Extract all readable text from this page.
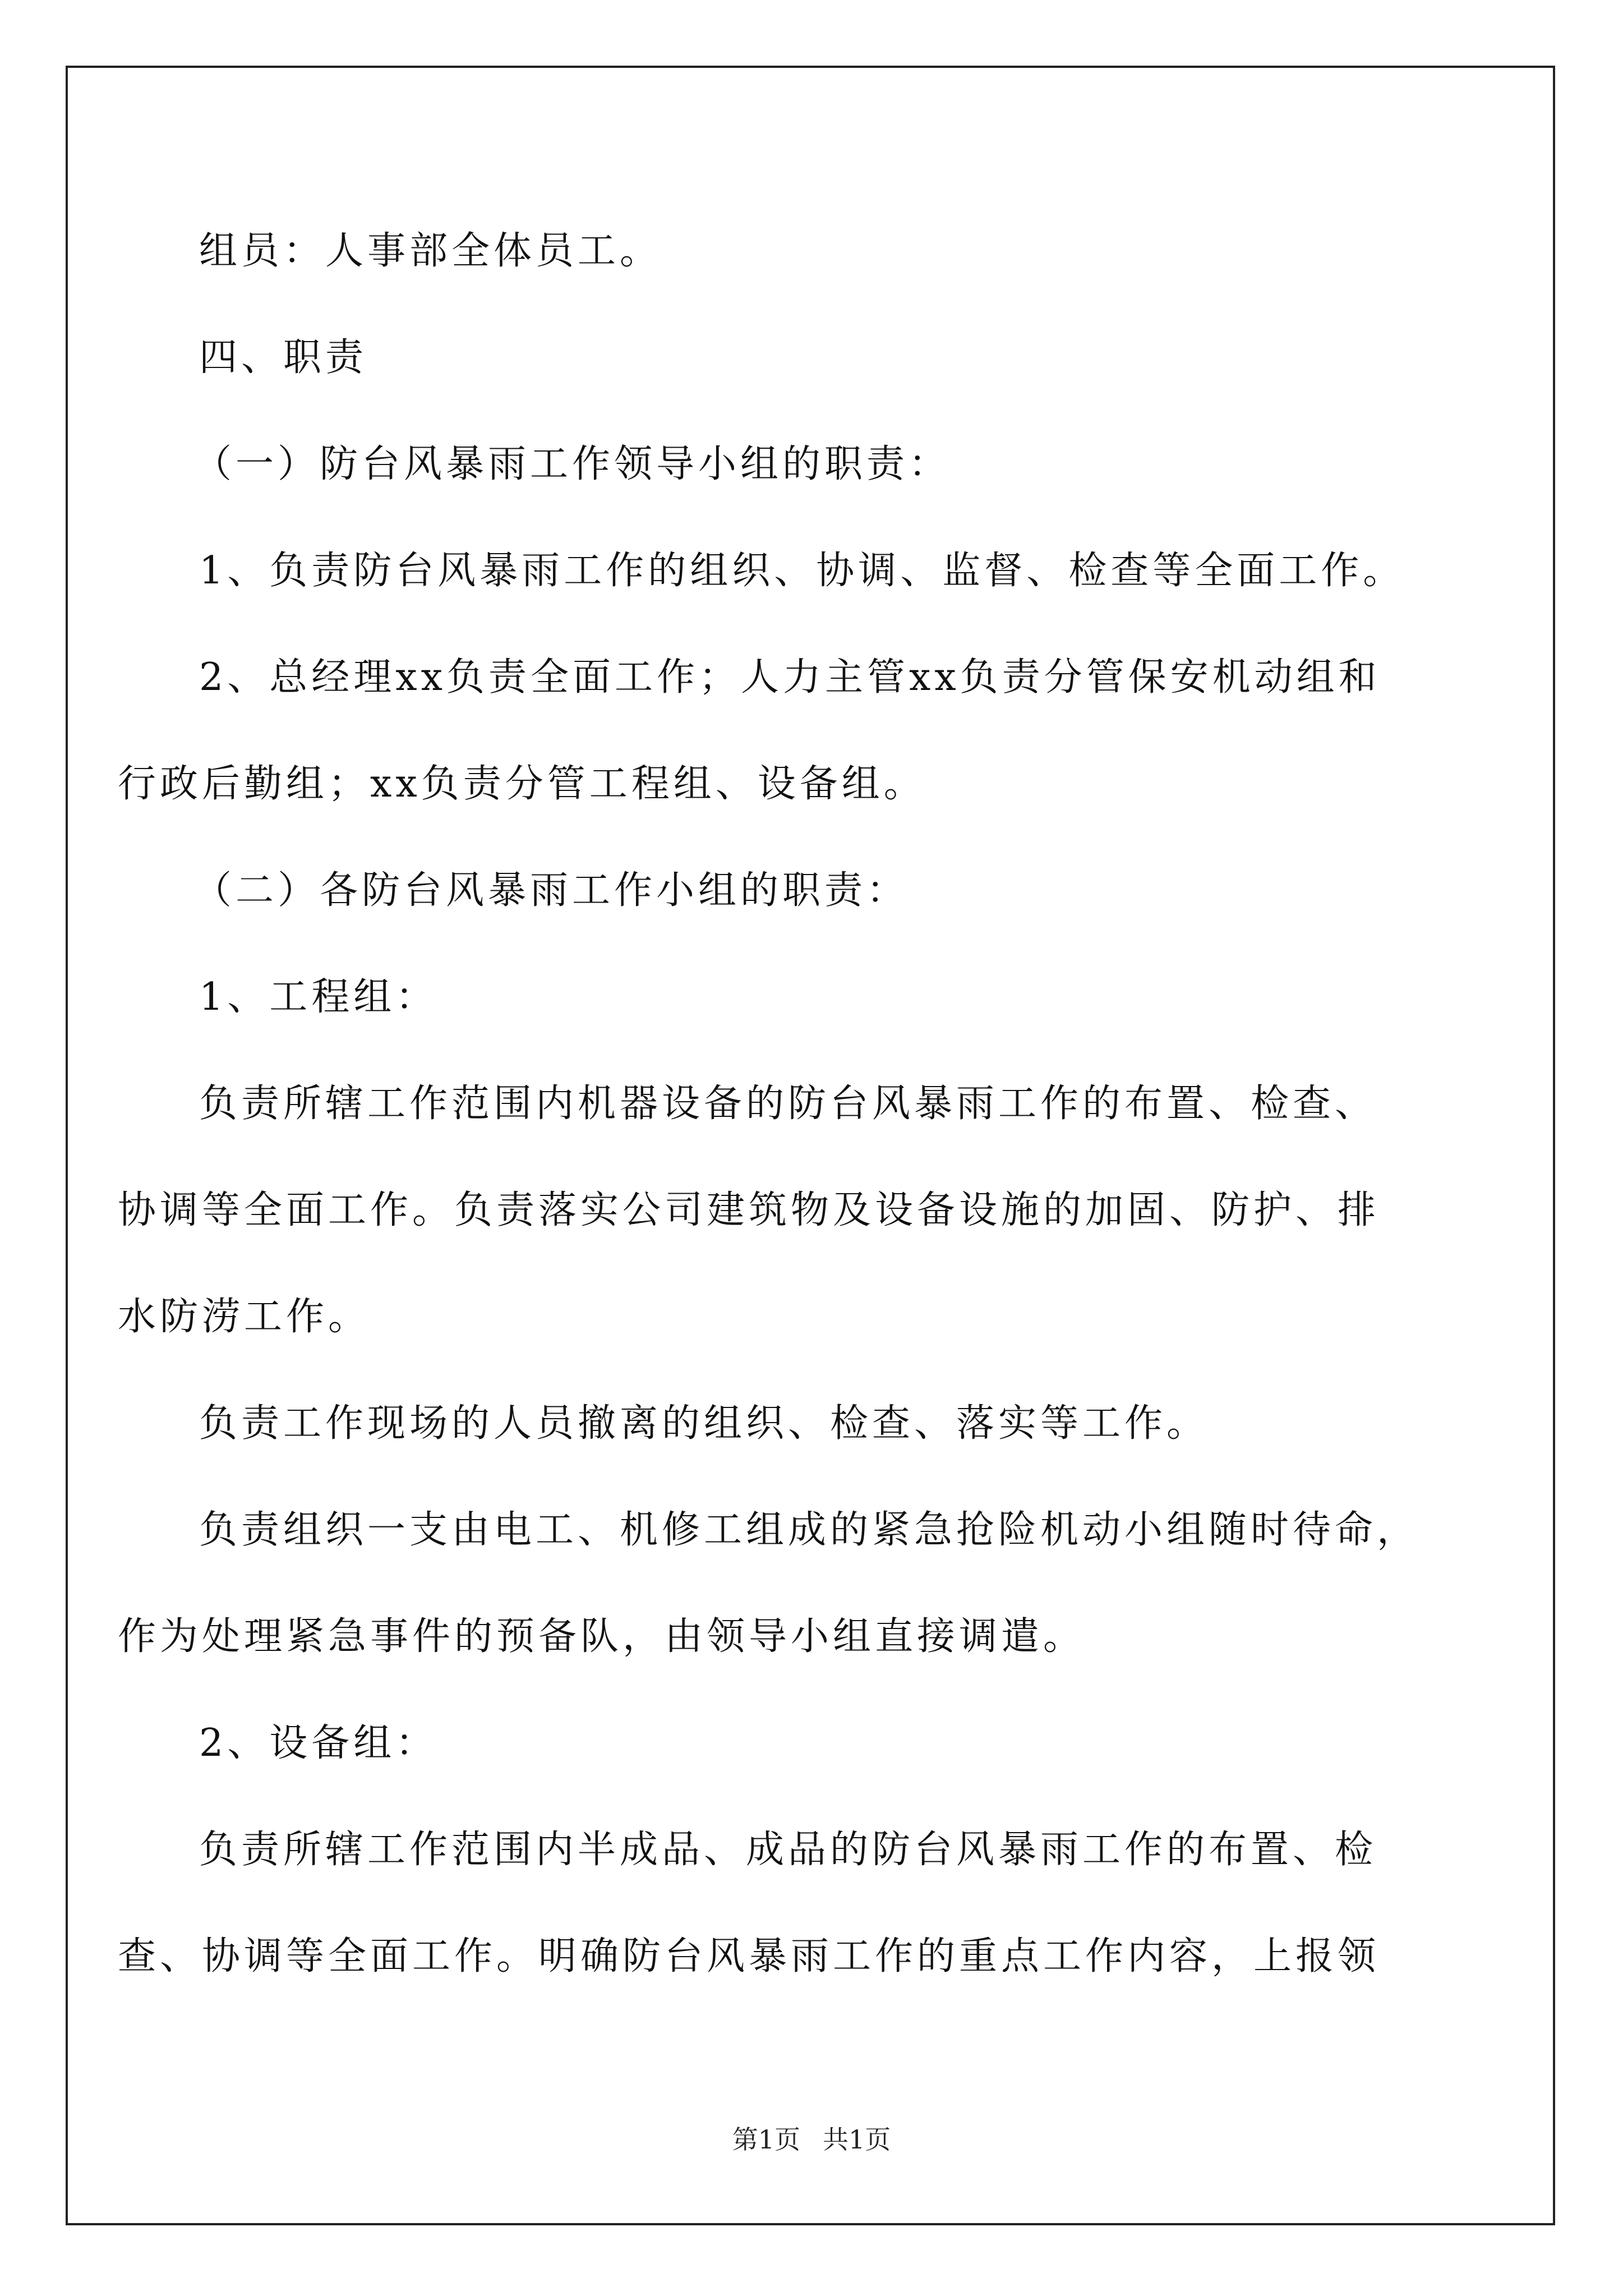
组员：人事部全体员工。

四、职责

（一）防台风暴雨工作领导小组的职责：

1、负责防台风暴雨工作的组织、协调、监督、检查等全面工作。

2、总经理xx负责全面工作；人力主管xx负责分管保安机动组和
行政后勤组；xx负责分管工程组、设备组。

（二）各防台风暴雨工作小组的职责：

1、工程组：

负责所辖工作范围内机器设备的防台风暴雨工作的布置、检查、
协调等全面工作。负责落实公司建筑物及设备设施的加固、防护、排
水防涝工作。

负责工作现场的人员撤离的组织、检查、落实等工作。

负责组织一支由电工、机修工组成的紧急抢险机动小组随时待命，
作为处理紧急事件的预备队，由领导小组直接调遣。

2、设备组：

负责所辖工作范围内半成品、成品的防台风暴雨工作的布置、检
查、协调等全面工作。明确防台风暴雨工作的重点工作内容，上报领

第1页 共1页
